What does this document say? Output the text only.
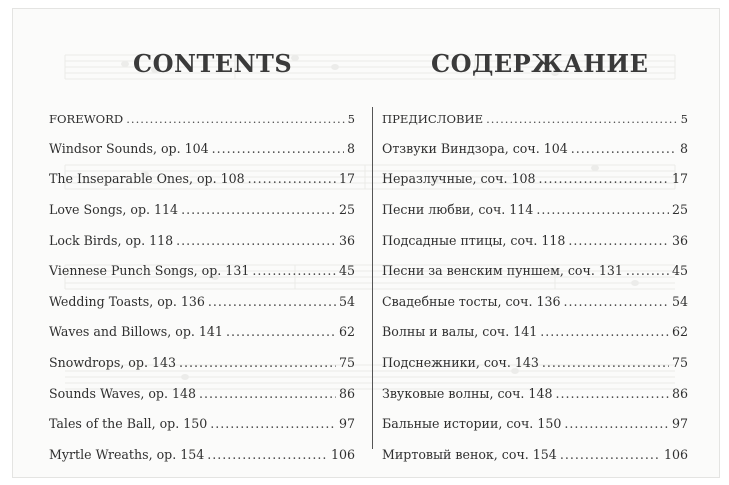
CONTENTS	СОДЕРЖАНИЕ
FOREWORD .....	5
Windsor Sounds, op. 104 .....	8
The Inseparable Ones, op. 108 .....	17
Love Songs, op. 114 .....	25
Lock Birds, op. 118 .....	36
Viennese Punch Songs, op. 131 .....	45
Wedding Toasts, op. 136 .....	54
Waves and Billows, op. 141 .....	62
Snowdrops, op. 143 .....	75
Sounds Waves, op. 148 .....	86
Tales of the Ball, op. 150 .....	97
Myrtle Wreaths, op. 154 .....	106
ПРЕДИСЛОВИЕ .....	5
Отзвуки Виндзора, соч. 104 .....	8
Неразлучные, соч. 108 .....	17
Песни любви, соч. 114 .....	25
Подсадные птицы, соч. 118 .....	36
Песни за венским пуншем, соч. 131 .....	45
Свадебные тосты, соч. 136 .....	54
Волны и валы, соч. 141 .....	62
Подснежники, соч. 143 .....	75
Звуковые волны, соч. 148 .....	86
Бальные истории, соч. 150 .....	97
Миртовый венок, соч. 154 .....	106
